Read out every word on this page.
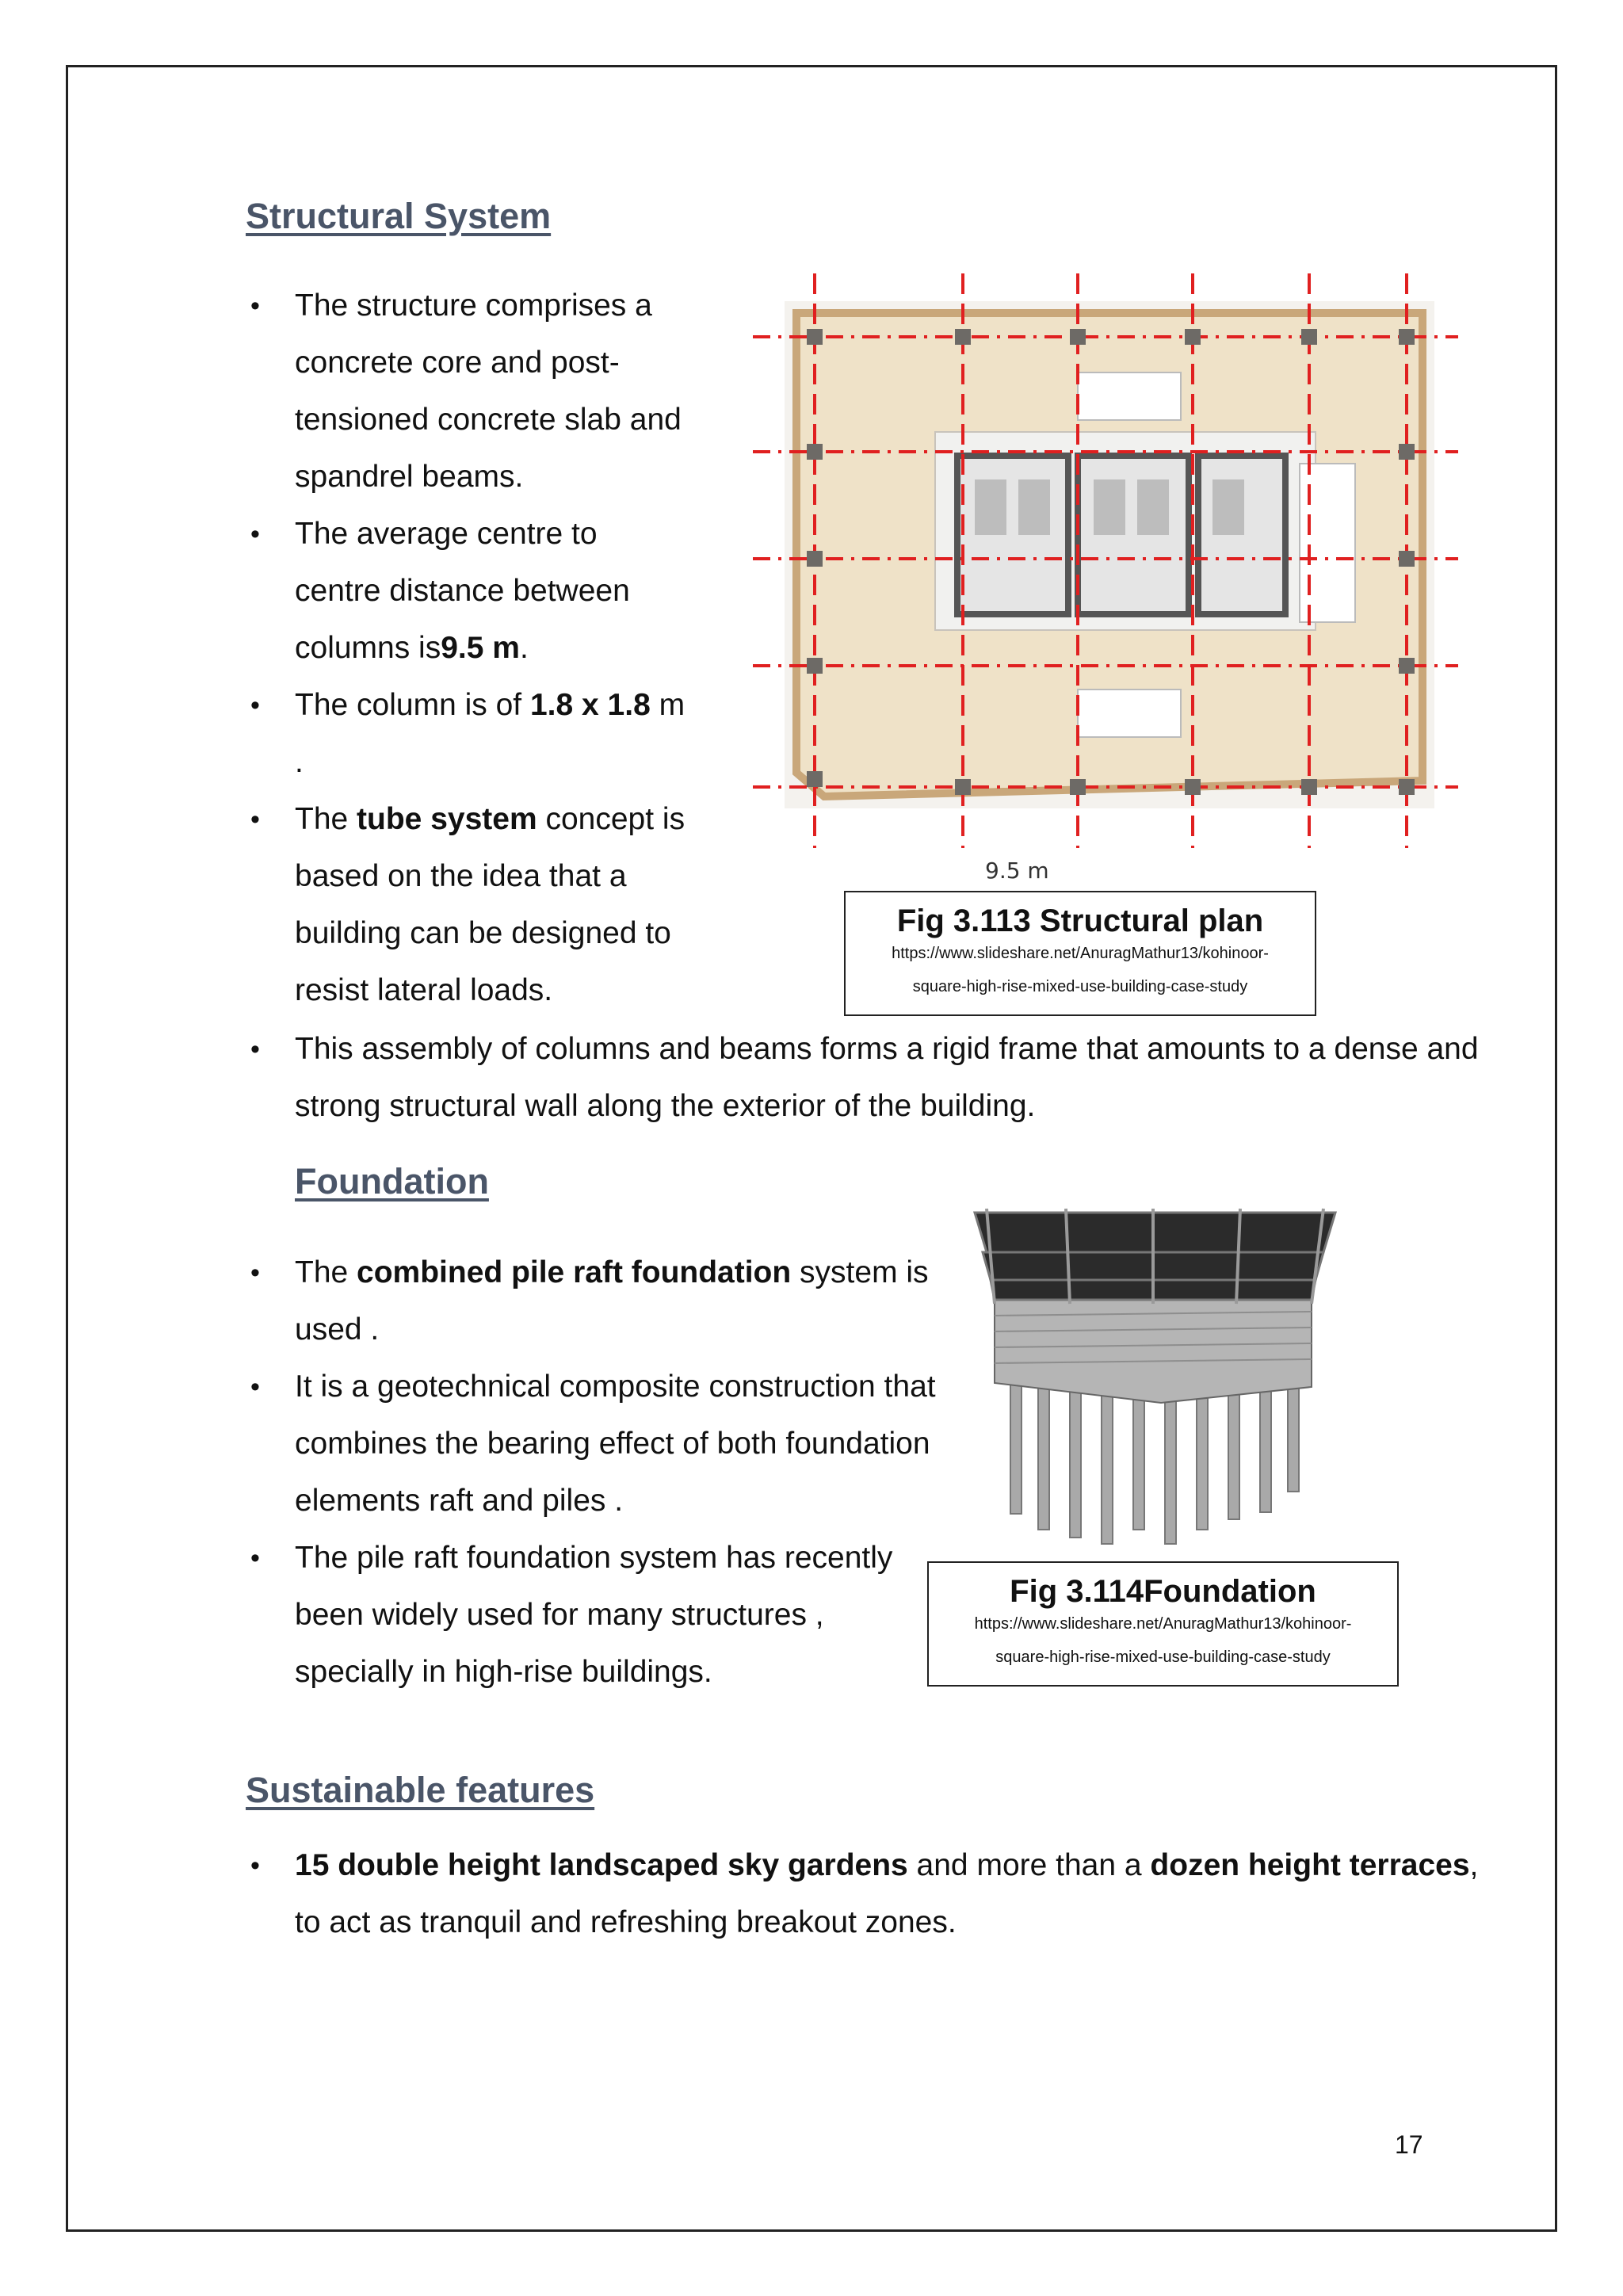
Structural System
• The structure comprises a concrete core and post-tensioned concrete slab and spandrel beams.
• The average centre to centre distance between columns is9.5 m.
• The column is of 1.8 x 1.8 m .
• The tube system concept is based on the idea that a building can be designed to resist lateral loads.
• This assembly of columns and beams forms a rigid frame that amounts to a dense and strong structural wall along the exterior of the building.
9.5 m
Fig 3.113 Structural plan
https://www.slideshare.net/AnuragMathur13/kohinoor-square-high-rise-mixed-use-building-case-study
Foundation
• The combined pile raft foundation system is used .
• It is a geotechnical composite construction that combines the bearing effect of both foundation elements raft and piles .
• The pile raft foundation system has recently been widely used for many structures , specially in high-rise buildings.
Fig 3.114Foundation
https://www.slideshare.net/AnuragMathur13/kohinoor-square-high-rise-mixed-use-building-case-study
Sustainable features
• 15 double height landscaped sky gardens and more than a dozen height terraces, to act as tranquil and refreshing breakout zones.
17
